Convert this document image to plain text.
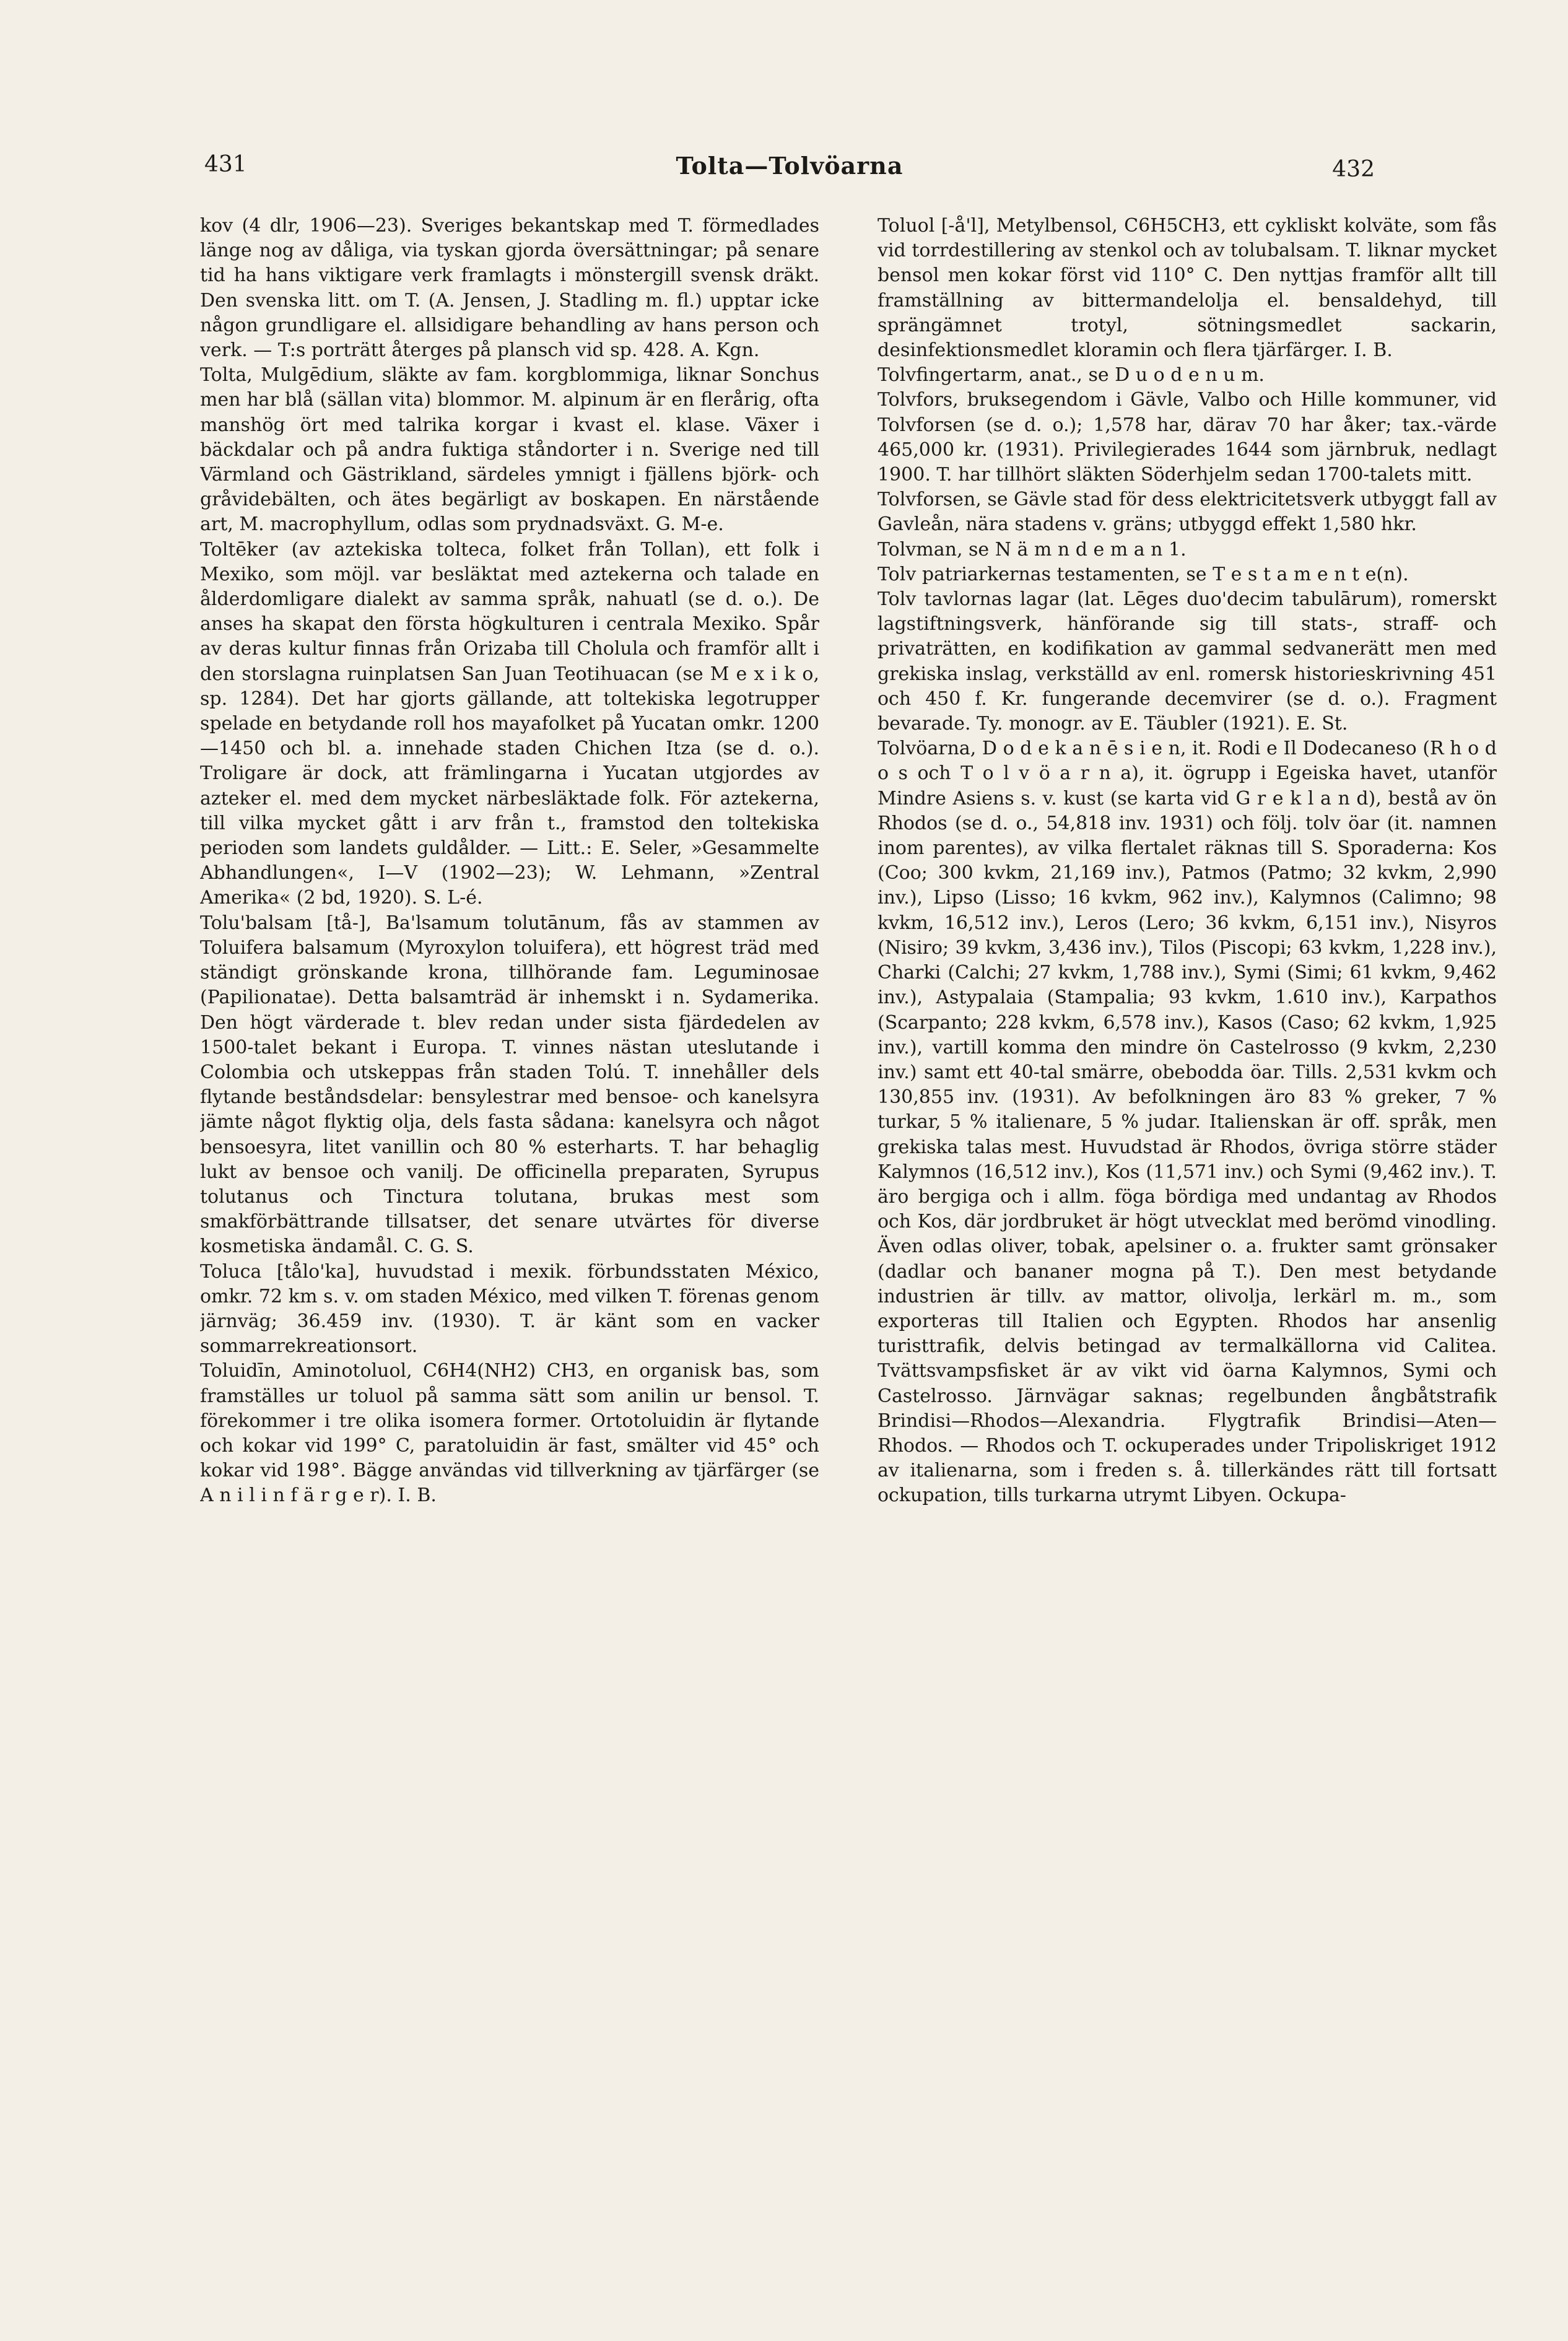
431	Tolta—Tolvöarna	432

kov (4 dlr, 1906—23). Sveriges bekantskap med T. förmedlades länge nog av dåliga, via tyskan gjorda översättningar; på senare tid ha hans viktigare verk framlagts i mönstergill svensk dräkt. Den svenska litt. om T. (A. Jensen, J. Stadling m. fl.) upptar icke någon grundligare el. allsidigare behandling av hans person och verk. — T:s porträtt återges på plansch vid sp. 428. A. Kgn.

Tolta, Mulgēdium, släkte av fam. korgblommiga, liknar Sonchus men har blå (sällan vita) blommor. M. alpinum är en flerårig, ofta manshög ört med talrika korgar i kvast el. klase. Växer i bäckdalar och på andra fuktiga ståndorter i n. Sverige ned till Värmland och Gästrikland, särdeles ymnigt i fjällens björk- och gråvidebälten, och ätes begärligt av boskapen. En närstående art, M. macrophyllum, odlas som prydnadsväxt. G. M-e.

Toltēker (av aztekiska tolteca, folket från Tollan), ett folk i Mexiko, som möjl. var besläktat med aztekerna och talade en ålderdomligare dialekt av samma språk, nahuatl (se d. o.). De anses ha skapat den första högkulturen i centrala Mexiko. Spår av deras kultur finnas från Orizaba till Cholula och framför allt i den storslagna ruinplatsen San Juan Teotihuacan (se M e x i k o, sp. 1284). Det har gjorts gällande, att toltekiska legotrupper spelade en betydande roll hos mayafolket på Yucatan omkr. 1200—1450 och bl. a. innehade staden Chichen Itza (se d. o.). Troligare är dock, att främlingarna i Yucatan utgjordes av azteker el. med dem mycket närbesläktade folk. För aztekerna, till vilka mycket gått i arv från t., framstod den toltekiska perioden som landets guldålder. — Litt.: E. Seler, »Gesammelte Abhandlungen«, I—V (1902—23); W. Lehmann, »Zentral Amerika« (2 bd, 1920). S. L-é.

Tolu'balsam [tå-], Ba'lsamum tolutānum, fås av stammen av Toluifera balsamum (Myroxylon toluifera), ett högrest träd med ständigt grönskande krona, tillhörande fam. Leguminosae (Papilionatae). Detta balsamträd är inhemskt i n. Sydamerika. Den högt värderade t. blev redan under sista fjärdedelen av 1500-talet bekant i Europa. T. vinnes nästan uteslutande i Colombia och utskeppas från staden Tolú. T. innehåller dels flytande beståndsdelar: bensylestrar med bensoe- och kanelsyra jämte något flyktig olja, dels fasta sådana: kanelsyra och något bensoesyra, litet vanillin och 80 % esterharts. T. har behaglig lukt av bensoe och vanilj. De officinella preparaten, Syrupus tolutanus och Tinctura tolutana, brukas mest som smakförbättrande tillsatser, det senare utvärtes för diverse kosmetiska ändamål. C. G. S.

Toluca [tålo'ka], huvudstad i mexik. förbundsstaten México, omkr. 72 km s. v. om staden México, med vilken T. förenas genom järnväg; 36.459 inv. (1930). T. är känt som en vacker sommarrekreationsort.

Toluidīn, Aminotoluol, C6H4(NH2) CH3, en organisk bas, som framställes ur toluol på samma sätt som anilin ur bensol. T. förekommer i tre olika isomera former. Ortotoluidin är flytande och kokar vid 199° C, paratoluidin är fast, smälter vid 45° och kokar vid 198°. Bägge användas vid tillverkning av tjärfärger (se A n i l i n f ä r g e r). I. B.

Toluol [-å'l], Metylbensol, C6H5CH3, ett cykliskt kolväte, som fås vid torrdestillering av stenkol och av tolubalsam. T. liknar mycket bensol men kokar först vid 110° C. Den nyttjas framför allt till framställning av bittermandelolja el. bensaldehyd, till sprängämnet trotyl, sötningsmedlet sackarin, desinfektionsmedlet kloramin och flera tjärfärger. I. B.

Tolvfingertarm, anat., se D u o d e n u m.

Tolvfors, bruksegendom i Gävle, Valbo och Hille kommuner, vid Tolvforsen (se d. o.); 1,578 har, därav 70 har åker; tax.-värde 465,000 kr. (1931). Privilegierades 1644 som järnbruk, nedlagt 1900. T. har tillhört släkten Söderhjelm sedan 1700-talets mitt.

Tolvforsen, se Gävle stad för dess elektricitetsverk utbyggt fall av Gavleån, nära stadens v. gräns; utbyggd effekt 1,580 hkr.

Tolvman, se N ä m n d e m a n 1.

Tolv patriarkernas testamenten, se T e s t a m e n t e(n).

Tolv tavlornas lagar (lat. Lēges duo'decim tabulārum), romerskt lagstiftningsverk, hänförande sig till stats-, straff- och privaträtten, en kodifikation av gammal sedvanerätt men med grekiska inslag, verkställd av enl. romersk historieskrivning 451 och 450 f. Kr. fungerande decemvirer (se d. o.). Fragment bevarade. Ty. monogr. av E. Täubler (1921). E. St.

Tolvöarna, D o d e k a n ē s i e n, it. Rodi e Il Dodecaneso (R h o d o s och T o l v ö a r n a), it. ögrupp i Egeiska havet, utanför Mindre Asiens s. v. kust (se karta vid G r e k l a n d), bestå av ön Rhodos (se d. o., 54,818 inv. 1931) och följ. tolv öar (it. namnen inom parentes), av vilka flertalet räknas till S. Sporaderna: Kos (Coo; 300 kvkm, 21,169 inv.), Patmos (Patmo; 32 kvkm, 2,990 inv.), Lipso (Lisso; 16 kvkm, 962 inv.), Kalymnos (Calimno; 98 kvkm, 16,512 inv.), Leros (Lero; 36 kvkm, 6,151 inv.), Nisyros (Nisiro; 39 kvkm, 3,436 inv.), Tilos (Piscopi; 63 kvkm, 1,228 inv.), Charki (Calchi; 27 kvkm, 1,788 inv.), Symi (Simi; 61 kvkm, 9,462 inv.), Astypalaia (Stampalia; 93 kvkm, 1.610 inv.), Karpathos (Scarpanto; 228 kvkm, 6,578 inv.), Kasos (Caso; 62 kvkm, 1,925 inv.), vartill komma den mindre ön Castelrosso (9 kvkm, 2,230 inv.) samt ett 40-tal smärre, obebodda öar. Tills. 2,531 kvkm och 130,855 inv. (1931). Av befolkningen äro 83 % greker, 7 % turkar, 5 % italienare, 5 % judar. Italienskan är off. språk, men grekiska talas mest. Huvudstad är Rhodos, övriga större städer Kalymnos (16,512 inv.), Kos (11,571 inv.) och Symi (9,462 inv.). T. äro bergiga och i allm. föga bördiga med undantag av Rhodos och Kos, där jordbruket är högt utvecklat med berömd vinodling. Även odlas oliver, tobak, apelsiner o. a. frukter samt grönsaker (dadlar och bananer mogna på T.). Den mest betydande industrien är tillv. av mattor, olivolja, lerkärl m. m., som exporteras till Italien och Egypten. Rhodos har ansenlig turisttrafik, delvis betingad av termalkällorna vid Calitea. Tvättsvampsfisket är av vikt vid öarna Kalymnos, Symi och Castelrosso. Järnvägar saknas; regelbunden ångbåtstrafik Brindisi—Rhodos—Alexandria. Flygtrafik Brindisi—Aten—Rhodos. — Rhodos och T. ockuperades under Tripoliskriget 1912 av italienarna, som i freden s. å. tillerkändes rätt till fortsatt ockupation, tills turkarna utrymt Libyen. Ockupa-
